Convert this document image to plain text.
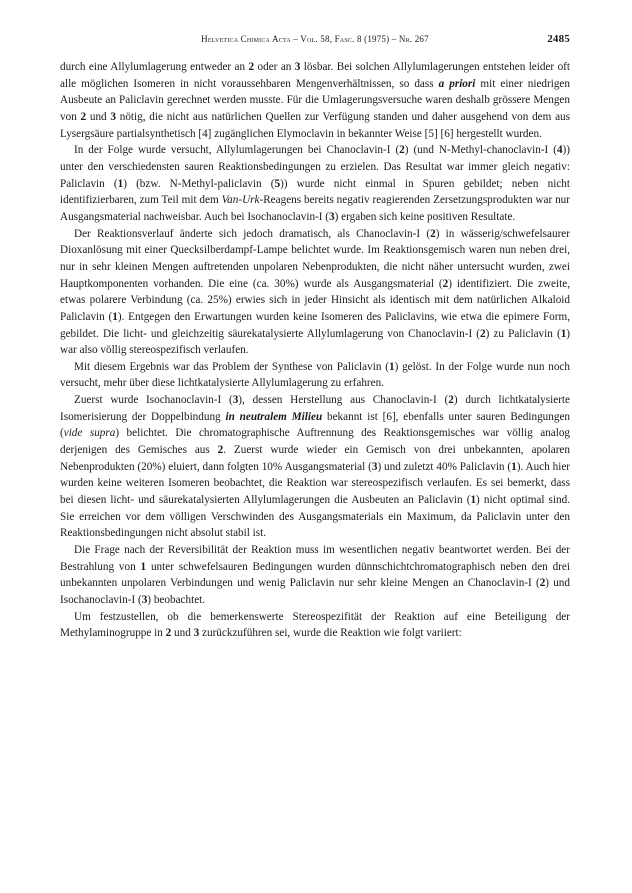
Helvetica Chimica Acta – Vol. 58, Fasc. 8 (1975) – Nr. 267	2485

durch eine Allylumlagerung entweder an 2 oder an 3 lösbar. Bei solchen Allylumlagerungen entstehen leider oft alle möglichen Isomeren in nicht voraussehbaren Mengenverhältnissen, so dass a priori mit einer niedrigen Ausbeute an Paliclavin gerechnet werden musste. Für die Umlagerungsversuche waren deshalb grössere Mengen von 2 und 3 nötig, die nicht aus natürlichen Quellen zur Verfügung standen und daher ausgehend von dem aus Lysergsäure partialsynthetisch [4] zugänglichen Elymoclavin in bekannter Weise [5] [6] hergestellt wurden.

In der Folge wurde versucht, Allylumlagerungen bei Chanoclavin-I (2) (und N-Methyl-chanoclavin-I (4)) unter den verschiedensten sauren Reaktionsbedingungen zu erzielen. Das Resultat war immer gleich negativ: Paliclavin (1) (bzw. N-Methyl-paliclavin (5)) wurde nicht einmal in Spuren gebildet; neben nicht identifizierbaren, zum Teil mit dem Van-Urk-Reagens bereits negativ reagierenden Zersetzungsprodukten war nur Ausgangsmaterial nachweisbar. Auch bei Isochanoclavin-I (3) ergaben sich keine positiven Resultate.

Der Reaktionsverlauf änderte sich jedoch dramatisch, als Chanoclavin-I (2) in wässerig/schwefelsaurer Dioxanlösung mit einer Quecksilberdampf-Lampe belichtet wurde. Im Reaktionsgemisch waren nun neben drei, nur in sehr kleinen Mengen auftretenden unpolaren Nebenprodukten, die nicht näher untersucht wurden, zwei Hauptkomponenten vorhanden. Die eine (ca. 30%) wurde als Ausgangsmaterial (2) identifiziert. Die zweite, etwas polarere Verbindung (ca. 25%) erwies sich in jeder Hinsicht als identisch mit dem natürlichen Alkaloid Paliclavin (1). Entgegen den Erwartungen wurden keine Isomeren des Paliclavins, wie etwa die epimere Form, gebildet. Die licht- und gleichzeitig säurekatalysierte Allylumlagerung von Chanoclavin-I (2) zu Paliclavin (1) war also völlig stereospezifisch verlaufen.

Mit diesem Ergebnis war das Problem der Synthese von Paliclavin (1) gelöst. In der Folge wurde nun noch versucht, mehr über diese lichtkatalysierte Allylumlagerung zu erfahren.

Zuerst wurde Isochanoclavin-I (3), dessen Herstellung aus Chanoclavin-I (2) durch lichtkatalysierte Isomerisierung der Doppelbindung in neutralem Milieu bekannt ist [6], ebenfalls unter sauren Bedingungen (vide supra) belichtet. Die chromatographische Auftrennung des Reaktionsgemisches war völlig analog derjenigen des Gemisches aus 2. Zuerst wurde wieder ein Gemisch von drei unbekannten, apolaren Nebenprodukten (20%) eluiert, dann folgten 10% Ausgangsmaterial (3) und zuletzt 40% Paliclavin (1). Auch hier wurden keine weiteren Isomeren beobachtet, die Reaktion war stereospezifisch verlaufen. Es sei bemerkt, dass bei diesen licht- und säurekatalysierten Allylumlagerungen die Ausbeuten an Paliclavin (1) nicht optimal sind. Sie erreichen vor dem völligen Verschwinden des Ausgangsmaterials ein Maximum, da Paliclavin unter den Reaktionsbedingungen nicht absolut stabil ist.

Die Frage nach der Reversibilität der Reaktion muss im wesentlichen negativ beantwortet werden. Bei der Bestrahlung von 1 unter schwefelsauren Bedingungen wurden dünnschichtchromatographisch neben den drei unbekannten unpolaren Verbindungen und wenig Paliclavin nur sehr kleine Mengen an Chanoclavin-I (2) und Isochanoclavin-I (3) beobachtet.

Um festzustellen, ob die bemerkenswerte Stereospezifität der Reaktion auf eine Beteiligung der Methylaminogruppe in 2 und 3 zurückzuführen sei, wurde die Reaktion wie folgt variiert:
